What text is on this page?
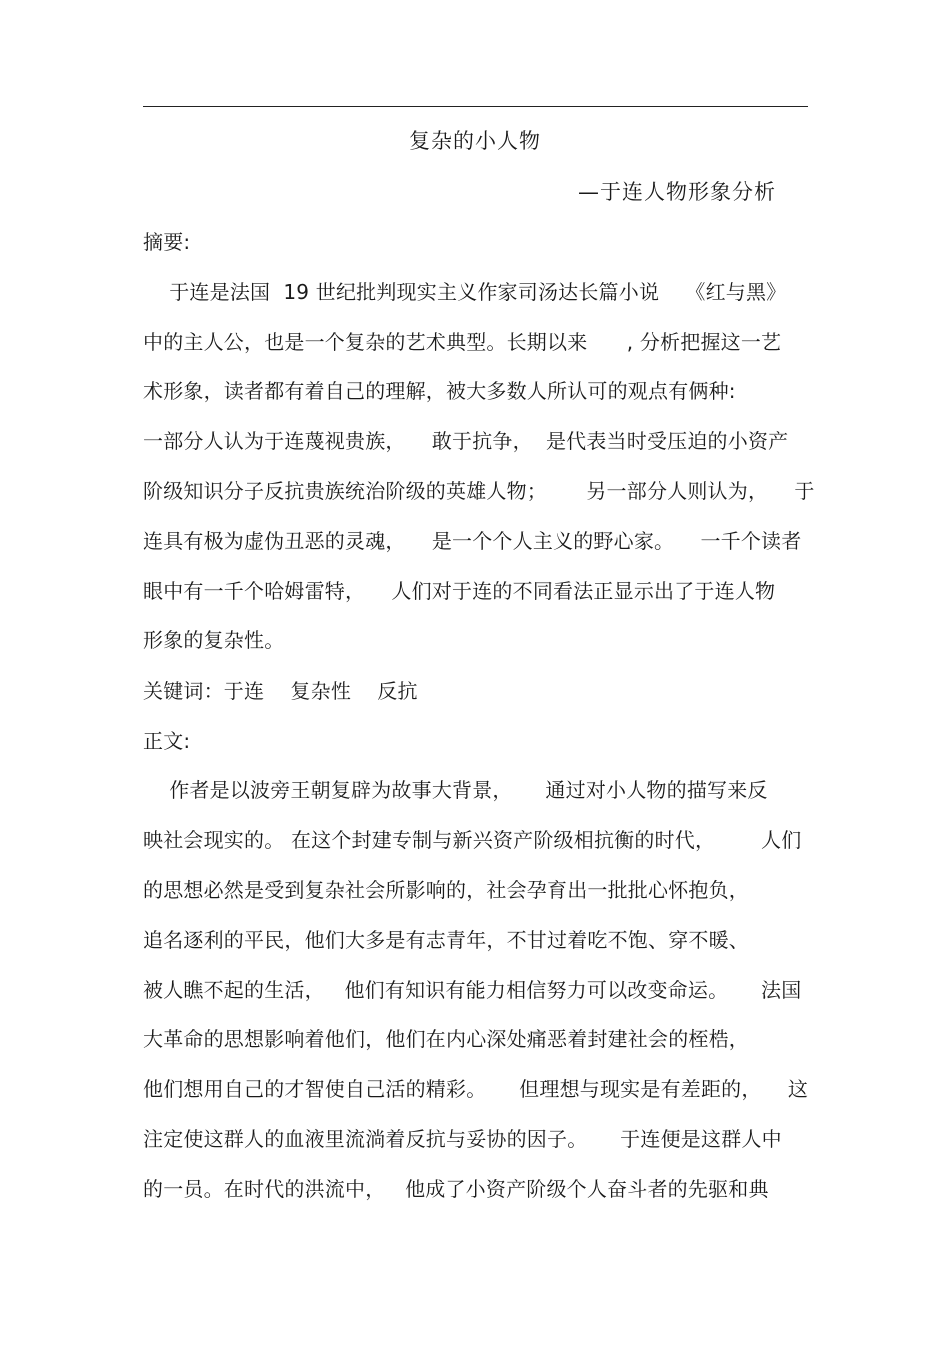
复杂的小人物
—于连人物形象分析
摘要:
于连是法国  19 世纪批判现实主义作家司汤达长篇小说    《红与黑》
中的主人公，也是一个复杂的艺术典型。长期以来      , 分析把握这一艺
术形象，读者都有着自己的理解，被大多数人所认可的观点有俩种:
一部分人认为于连蔑视贵族，    敢于抗争，  是代表当时受压迫的小资产
阶级知识分子反抗贵族统治阶级的英雄人物；      另一部分人则认为，    于
连具有极为虚伪丑恶的灵魂，    是一个个人主义的野心家。    一千个读者
眼中有一千个哈姆雷特，    人们对于连的不同看法正显示出了于连人物
形象的复杂性。
关键词：于连    复杂性    反抗
正文:
作者是以波旁王朝复辟为故事大背景，     通过对小人物的描写来反
映社会现实的。 在这个封建专制与新兴资产阶级相抗衡的时代，       人们
的思想必然是受到复杂社会所影响的，社会孕育出一批批心怀抱负，
追名逐利的平民，他们大多是有志青年，不甘过着吃不饱、穿不暖、
被人瞧不起的生活，   他们有知识有能力相信努力可以改变命运。     法国
大革命的思想影响着他们，他们在内心深处痛恶着封建社会的桎梏，
他们想用自己的才智使自己活的精彩。     但理想与现实是有差距的，    这
注定使这群人的血液里流淌着反抗与妥协的因子。     于连便是这群人中
的一员。在时代的洪流中，   他成了小资产阶级个人奋斗者的先驱和典
